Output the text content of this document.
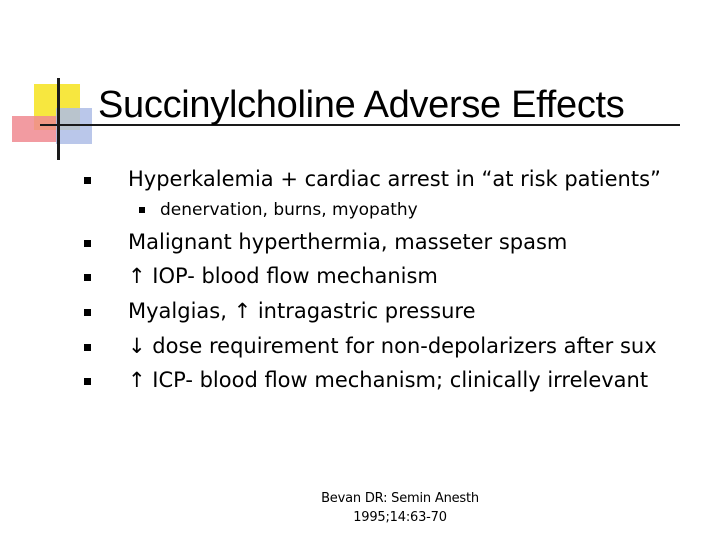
Succinylcholine Adverse Effects
Hyperkalemia + cardiac arrest in “at risk patients”
denervation, burns, myopathy
Malignant hyperthermia, masseter spasm
↑ IOP- blood flow mechanism
Myalgias, ↑ intragastric pressure
↓ dose requirement for non-depolarizers after sux
↑ ICP- blood flow mechanism; clinically irrelevant
Bevan DR: Semin Anesth
1995;14:63-70
